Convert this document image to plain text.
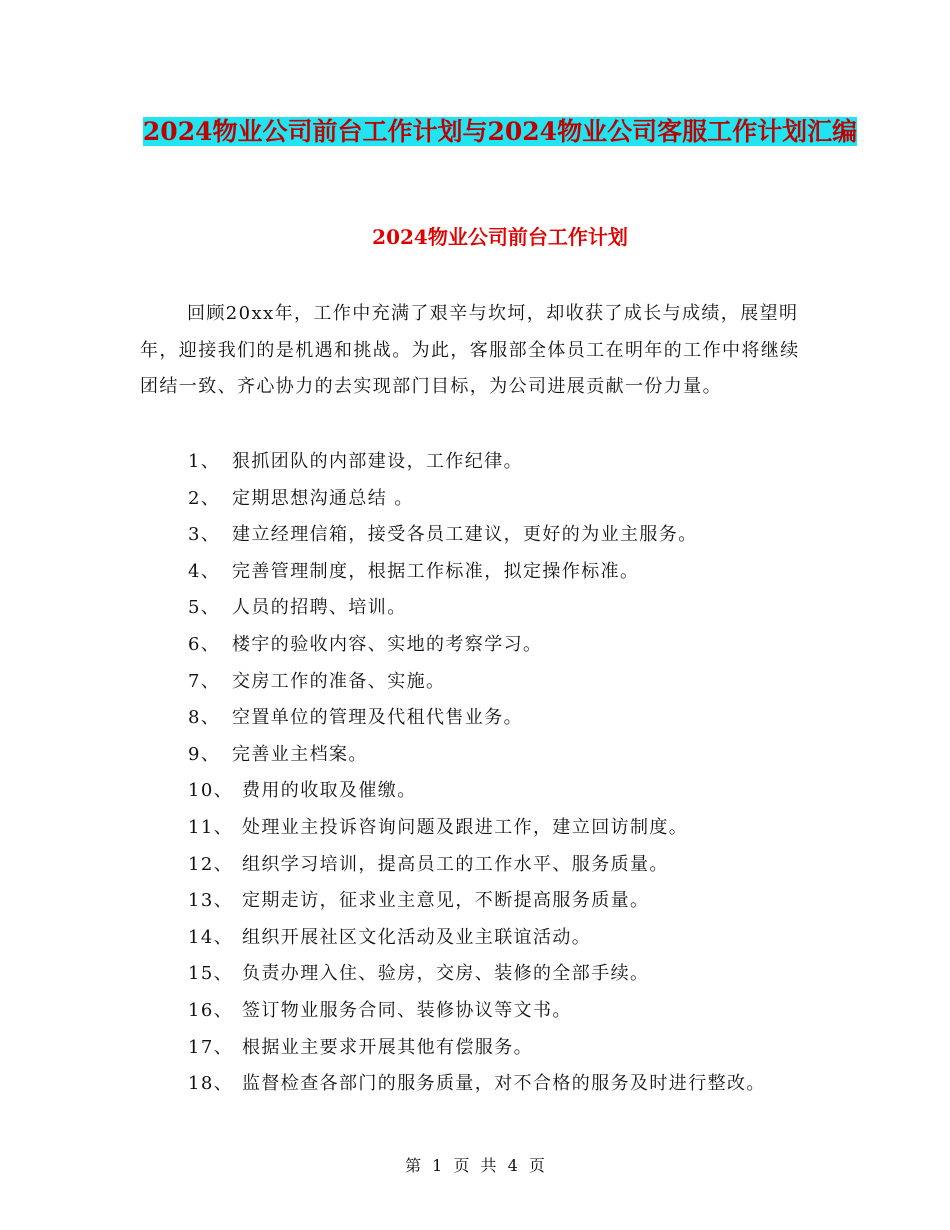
2024物业公司前台工作计划与2024物业公司客服工作计划汇编
2024物业公司前台工作计划

回顾20xx年，工作中充满了艰辛与坎坷，却收获了成长与成绩，展望明年，迎接我们的是机遇和挑战。为此，客服部全体员工在明年的工作中将继续团结一致、齐心协力的去实现部门目标，为公司进展贡献一份力量。

1、 狠抓团队的内部建设，工作纪律。
2、 定期思想沟通总结 。
3、 建立经理信箱，接受各员工建议，更好的为业主服务。
4、 完善管理制度，根据工作标准，拟定操作标准。
5、 人员的招聘、培训。
6、 楼宇的验收内容、实地的考察学习。
7、 交房工作的准备、实施。
8、 空置单位的管理及代租代售业务。
9、 完善业主档案。
10、 费用的收取及催缴。
11、 处理业主投诉咨询问题及跟进工作，建立回访制度。
12、 组织学习培训，提高员工的工作水平、服务质量。
13、 定期走访，征求业主意见，不断提高服务质量。
14、 组织开展社区文化活动及业主联谊活动。
15、 负责办理入住、验房，交房、装修的全部手续。
16、 签订物业服务合同、装修协议等文书。
17、 根据业主要求开展其他有偿服务。
18、 监督检查各部门的服务质量，对不合格的服务及时进行整改。
第 1 页 共 4 页
